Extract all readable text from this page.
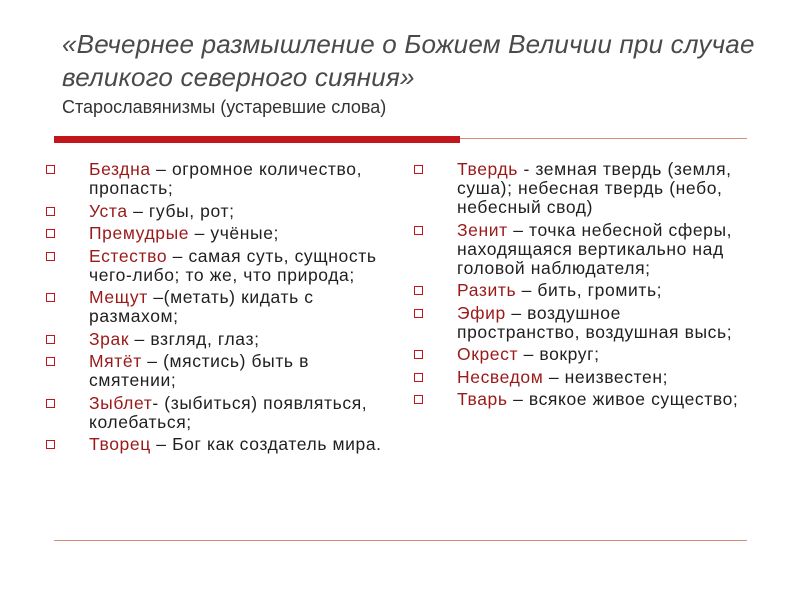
«Вечернее размышление о Божием Величии при случае великого северного сияния»

Старославянизмы (устаревшие слова)

Бездна – огромное количество, пропасть;
Уста – губы, рот;
Премудрые – учёные;
Естество – самая суть, сущность чего-либо; то же, что природа;
Мещут –(метать) кидать с размахом;
Зрак – взгляд, глаз;
Мятёт – (мястись) быть в смятении;
Зыблет- (зыбиться) появляться, колебаться;
Творец – Бог как создатель мира.
Твердь - земная твердь (земля, суша); небесная твердь (небо, небесный свод)
Зенит – точка небесной сферы, находящаяся вертикально над головой наблюдателя;
Разить – бить, громить;
Эфир – воздушное пространство, воздушная высь;
Окрест – вокруг;
Несведом – неизвестен;
Тварь – всякое живое существо;
